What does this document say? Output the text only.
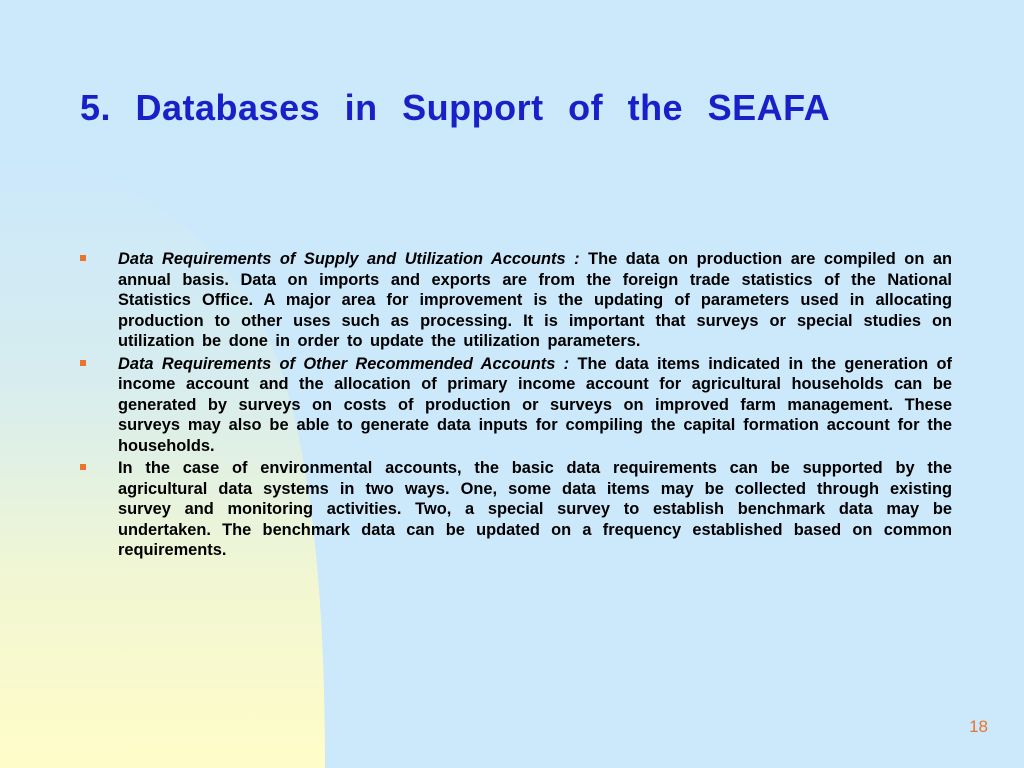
5. Databases in Support of the SEAFA
Data Requirements of Supply and Utilization Accounts : The data on production are compiled on an annual basis. Data on imports and exports are from the foreign trade statistics of the National Statistics Office. A major area for improvement is the updating of parameters used in allocating production to other uses such as processing. It is important that surveys or special studies on utilization be done in order to update the utilization parameters.
Data Requirements of Other Recommended Accounts : The data items indicated in the generation of income account and the allocation of primary income account for agricultural households can be generated by surveys on costs of production or surveys on improved farm management. These surveys may also be able to generate data inputs for compiling the capital formation account for the households.
In the case of environmental accounts, the basic data requirements can be supported by the agricultural data systems in two ways. One, some data items may be collected through existing survey and monitoring activities. Two, a special survey to establish benchmark data may be undertaken. The benchmark data can be updated on a frequency established based on common requirements.
18
